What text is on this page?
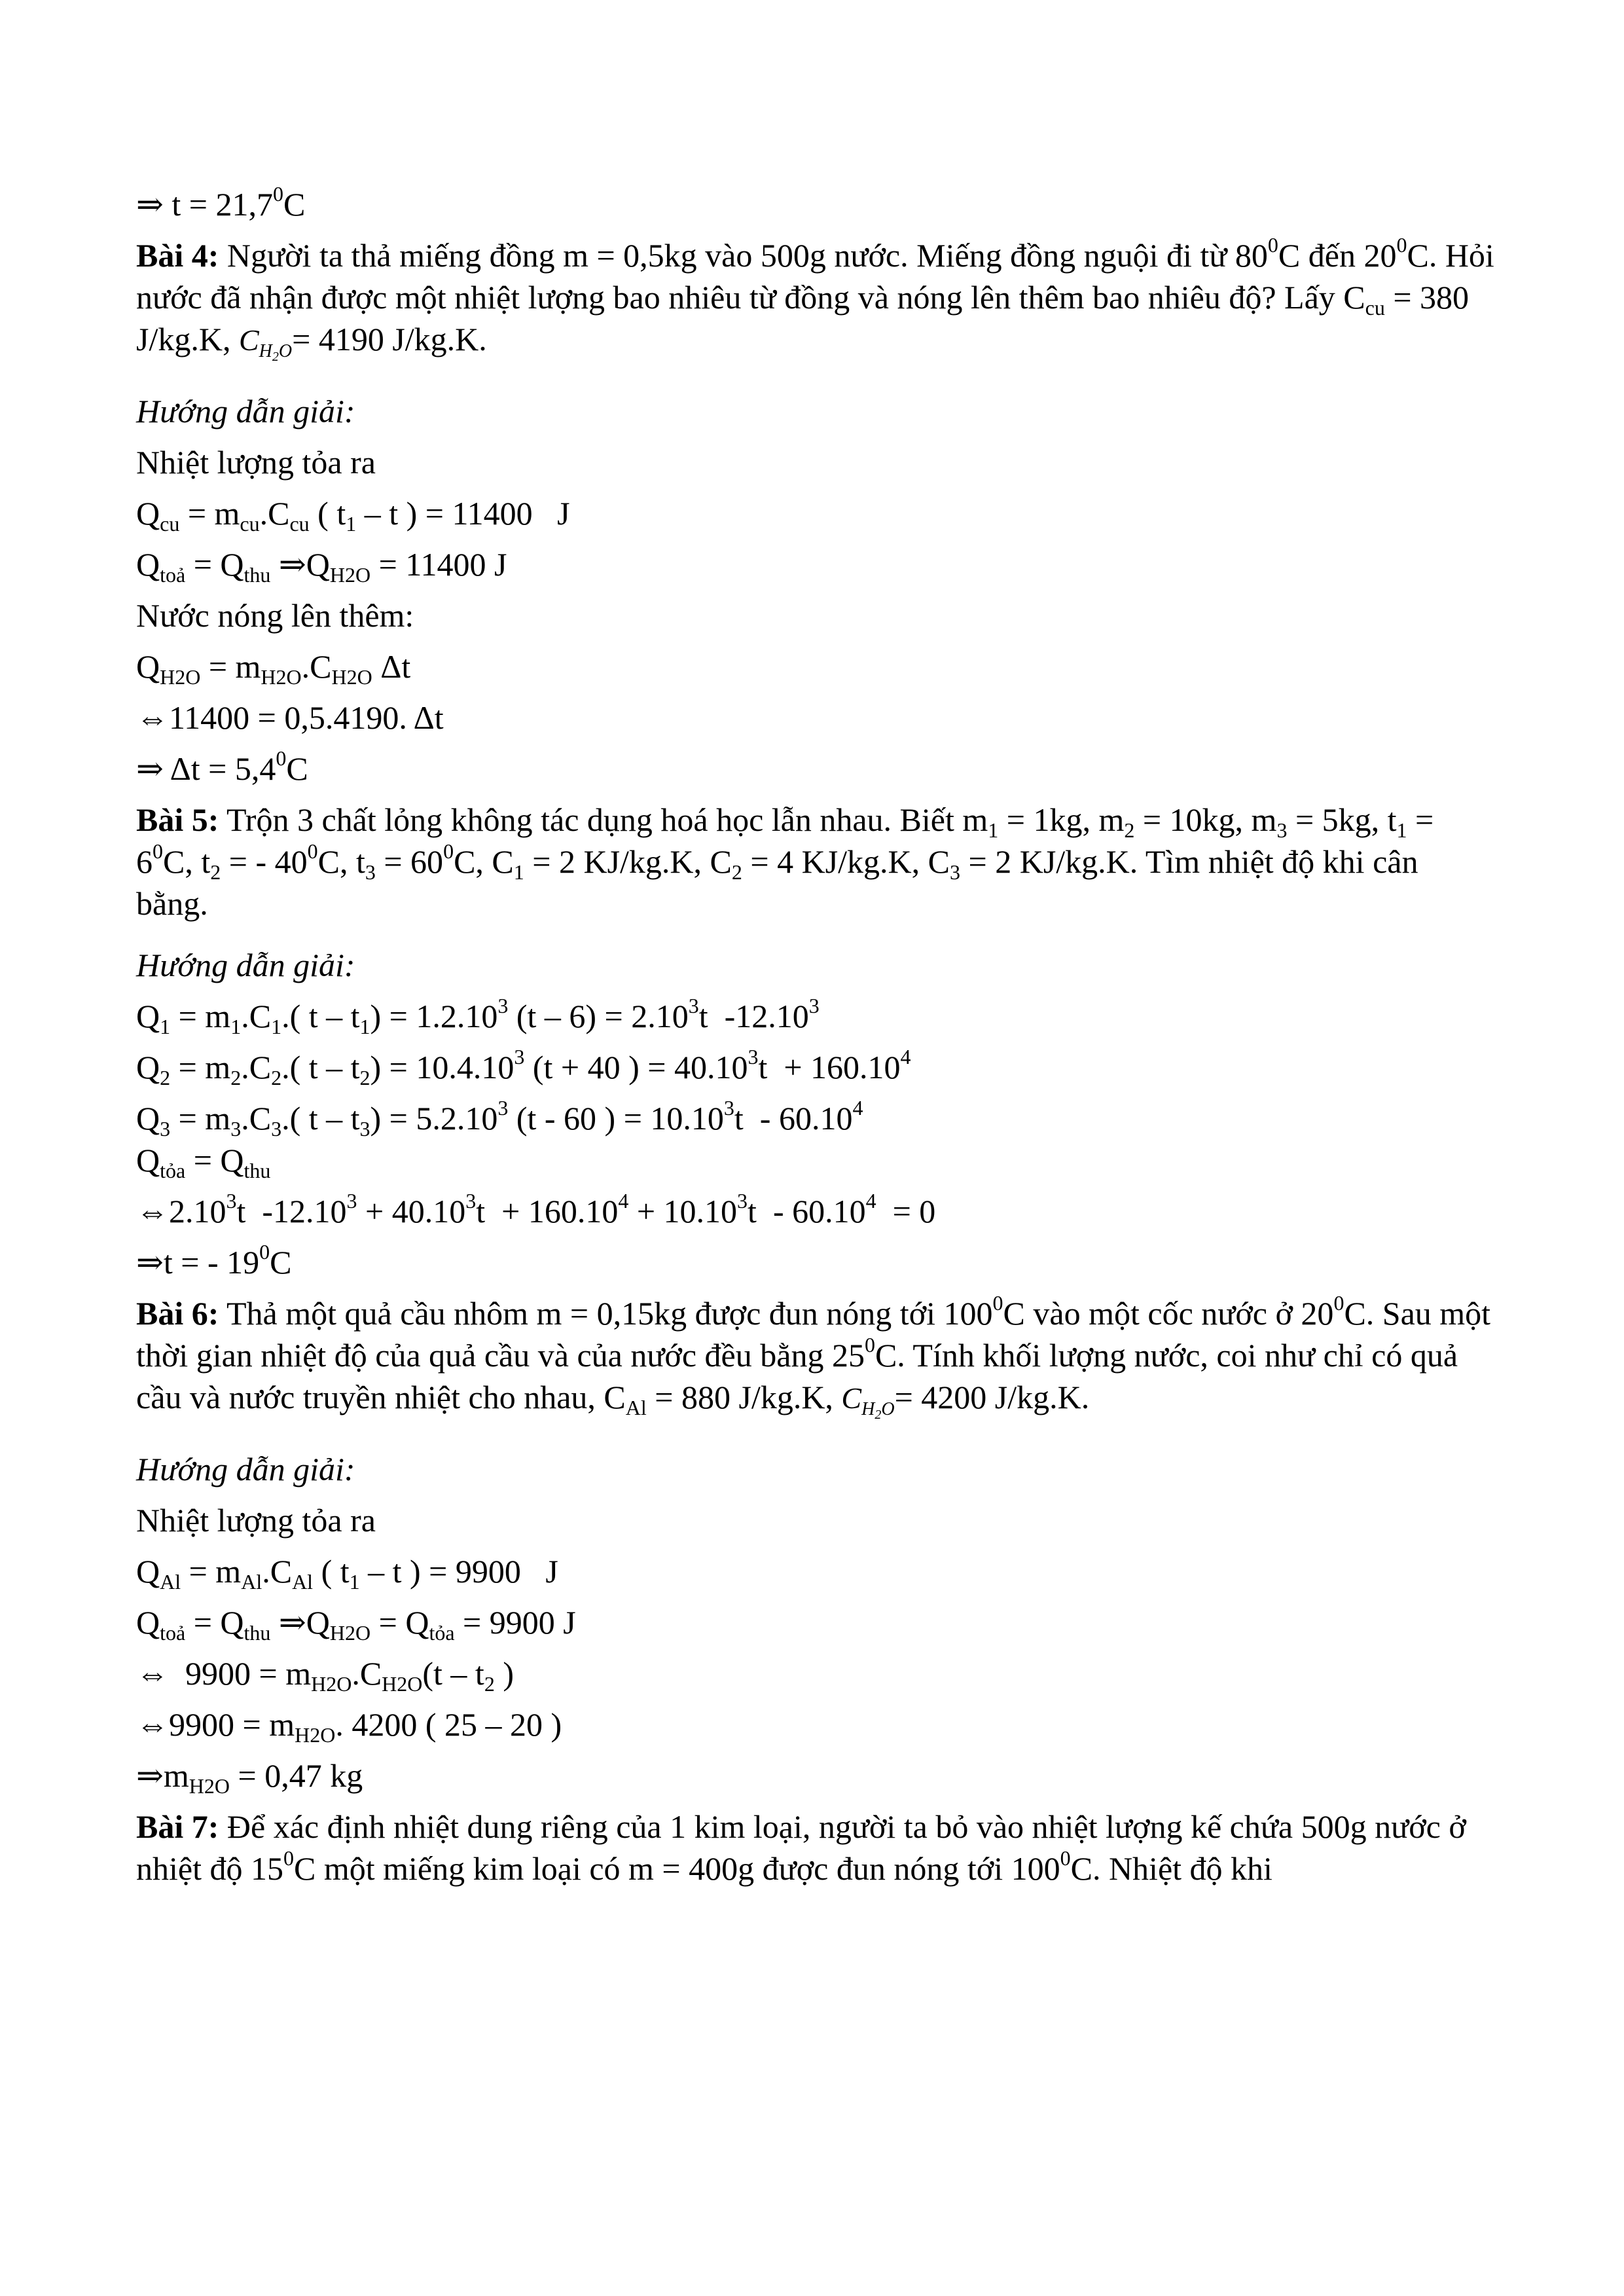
⇒ $t = 21,7^0C$
Bài 4: Người ta thả miếng đồng m = 0,5kg vào 500g nước. Miếng đồng nguội đi từ $80^0C$ đến $20^0C$. Hỏi nước đã nhận được một nhiệt lượng bao nhiêu từ đồng và nóng lên thêm bao nhiêu độ? Lấy $C_{cu} = 380$ J/kg.K, $C_{H_2O}= 4190$ J/kg.K.
Hướng dẫn giải:
Nhiệt lượng tỏa ra
$Q_{cu} = m_{cu}.C_{cu}$ ( $t_1$ – t ) = 11400   J
$Q_{toả} = Q_{thu}$ $\Rightarrow Q_{H2O} = 11400$ J
Nước nóng lên thêm:
$Q_{H2O} = m_{H2O}.C_{H2O}$ Δt
⇔11400 = 0,5.4190. Δt
⇒ $\Delta t = 5,4^0C$
Bài 5: Trộn 3 chất lỏng không tác dụng hoá học lẫn nhau. Biết $m_1 = 1kg$, $m_2 = 10kg$, $m_3 = 5kg$, $t_1 = 6^0C$, $t_2$ = - $40^0C$, $t_3 = 60^0C$, $C_1 = 2$ KJ/kg.K, $C_2 = 4$ KJ/kg.K, $C_3 = 2$ KJ/kg.K. Tìm nhiệt độ khi cân bằng.
Hướng dẫn giải:
$Q_1 = m_1.C_1$.( $t - t_1) = 1.2.10^3$ $(t - 6) = 2.10^3t$  -12.10$^3$
$Q_2 = m_2.C_2$.( $t - t_2) = 10.4.10^3$ (t + 40 ) = $40.10^3t + 160.10^4$
$Q_3 = m_3.C_3$.( $t - t_3) = 5.2.10^3$ (t - 60 ) = $10.10^3t - 60.10^4$
$Q_{tỏa} = Q_{thu}$
⇔2.10$^3$t  $-12.10^3 + 40.10^3t + 160.10^4 + 10.10^3t - 60.10^4 = 0$
⇒t = - $19^0C$
Bài 6: Thả một quả cầu nhôm m = 0,15kg được đun nóng tới $100^0C$ vào một cốc nước ở $20^0C$. Sau một thời gian nhiệt độ của quả cầu và của nước đều bằng $25^0C$. Tính khối lượng nước, coi như chỉ có quả cầu và nước truyền nhiệt cho nhau, $C_{Al} = 880$ J/kg.K, $C_{H_2O}= 4200$ J/kg.K.
Hướng dẫn giải:
Nhiệt lượng tỏa ra
$Q_{Al} = m_{Al}.C_{Al}$ ( $t_1$ – t ) = 9900   J
$Q_{toả} = Q_{thu}$ $\Rightarrow Q_{H2O} = Q_{tỏa} = 9900$ J
⇔  $9900 = m_{H2O}.C_{H2O}(t - t_2$ )
⇔9900 = $m_{H2O}$. 4200 ( 25 – 20 )
$\Rightarrow m_{H2O} = 0,47$ kg
Bài 7: Để xác định nhiệt dung riêng của 1 kim loại, người ta bỏ vào nhiệt lượng kế chứa 500g nước ở nhiệt độ $15^0C$ một miếng kim loại có m = 400g được đun nóng tới $100^0C$. Nhiệt độ khi
